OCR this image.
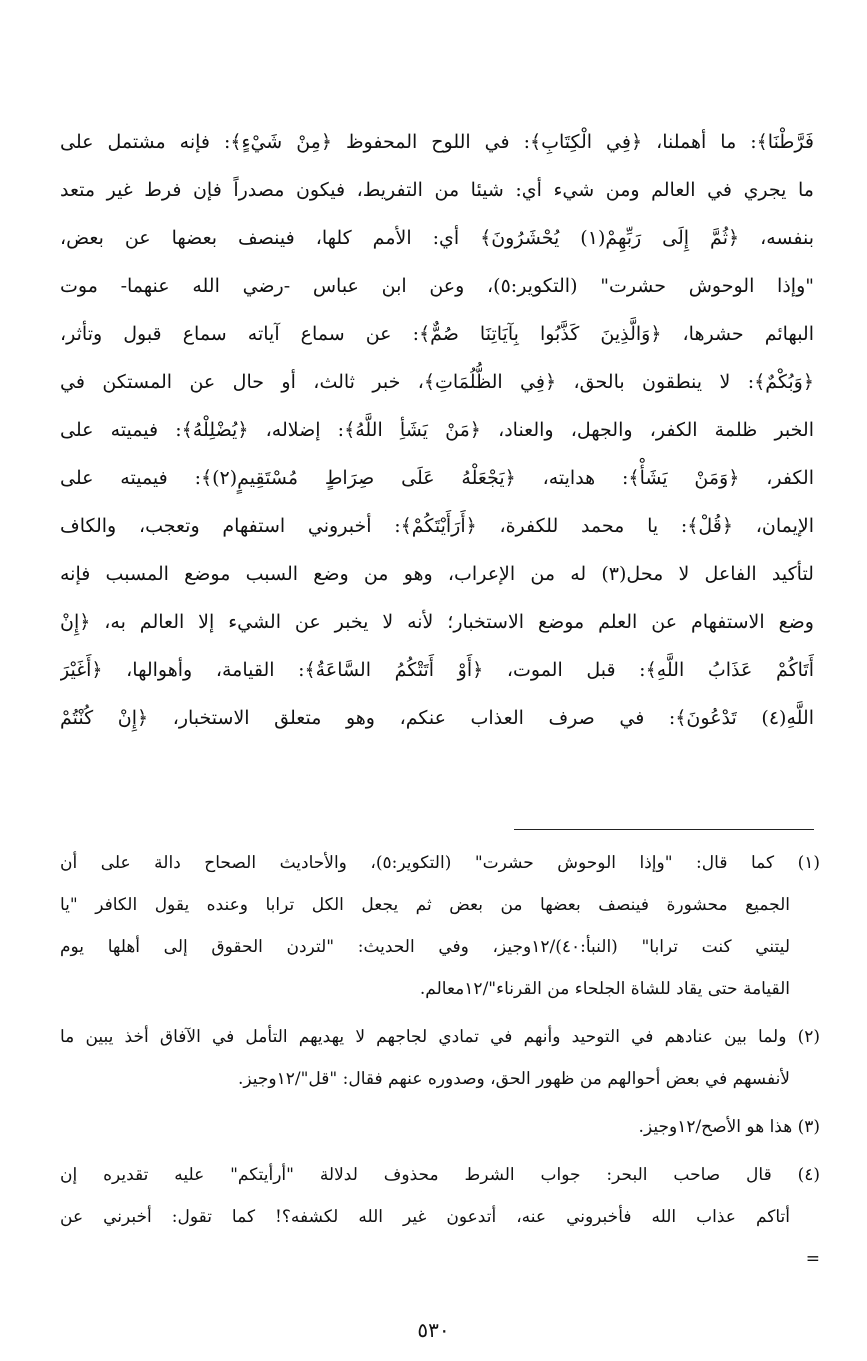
فَرَّطْنَا﴾: ما أهملنا، ﴿فِي الْكِتَابِ﴾: في اللوح المحفوظ ﴿مِنْ شَيْءٍ﴾: فإنه مشتمل على
ما يجري في العالم ومن شيء أي: شيئا من التفريط، فيكون مصدراً فإن فرط غير متعد
بنفسه، ﴿ثُمَّ إِلَى رَبِّهِمْ(١) يُحْشَرُونَ﴾ أي: الأمم كلها، فينصف بعضها عن بعض،
"وإذا الوحوش حشرت" (التكوير:٥)، وعن ابن عباس -رضي الله عنهما- موت
البهائم حشرها، ﴿وَالَّذِينَ كَذَّبُوا بِآيَاتِنَا صُمٌّ﴾: عن سماع آياته سماع قبول وتأثر،
﴿وَبُكْمٌ﴾: لا ينطقون بالحق، ﴿فِي الظُّلُمَاتِ﴾، خبر ثالث، أو حال عن المستكن في
الخبر ظلمة الكفر، والجهل، والعناد، ﴿مَنْ يَشَأِ اللَّهُ﴾: إضلاله، ﴿يُضْلِلْهُ﴾: فيميته على
الكفر، ﴿وَمَنْ يَشَأْ﴾: هدايته، ﴿يَجْعَلْهُ عَلَى صِرَاطٍ مُسْتَقِيمٍ(٢)﴾: فيميته على
الإيمان، ﴿قُلْ﴾: يا محمد للكفرة، ﴿أَرَأَيْتَكُمْ﴾: أخبروني استفهام وتعجب، والكاف
لتأكيد الفاعل لا محل(٣) له من الإعراب، وهو من وضع السبب موضع المسبب فإنه
وضع الاستفهام عن العلم موضع الاستخبار؛ لأنه لا يخبر عن الشيء إلا العالم به، ﴿إِنْ
أَتَاكُمْ عَذَابُ اللَّهِ﴾: قبل الموت، ﴿أَوْ أَتَتْكُمُ السَّاعَةُ﴾: القيامة، وأهوالها، ﴿أَغَيْرَ
اللَّهِ(٤) تَدْعُونَ﴾: في صرف العذاب عنكم، وهو متعلق الاستخبار، ﴿إِنْ كُنْتُمْ
(١) كما قال: "وإذا الوحوش حشرت" (التكوير:٥)، والأحاديث الصحاح دالة على أن
الجميع محشورة فينصف بعضها من بعض ثم يجعل الكل ترابا وعنده يقول الكافر "يا
ليتني كنت ترابا" (النبأ:٤٠)/١٢وجيز، وفي الحديث: "لتردن الحقوق إلى أهلها يوم
القيامة حتى يقاد للشاة الجلحاء من القرناء"/١٢معالم.
(٢) ولما بين عنادهم في التوحيد وأنهم في تمادي لجاجهم لا يهديهم التأمل في الآفاق أخذ يبين ما
لأنفسهم في بعض أحوالهم من ظهور الحق، وصدوره عنهم فقال: "قل"/١٢وجيز.
(٣) هذا هو الأصح/١٢وجيز.
(٤) قال صاحب البحر: جواب الشرط محذوف لدلالة "أرأيتكم" عليه تقديره إن
أتاكم عذاب الله فأخبروني عنه، أتدعون غير الله لكشفه؟! كما تقول: أخبرني عن
=
٥٣٠
